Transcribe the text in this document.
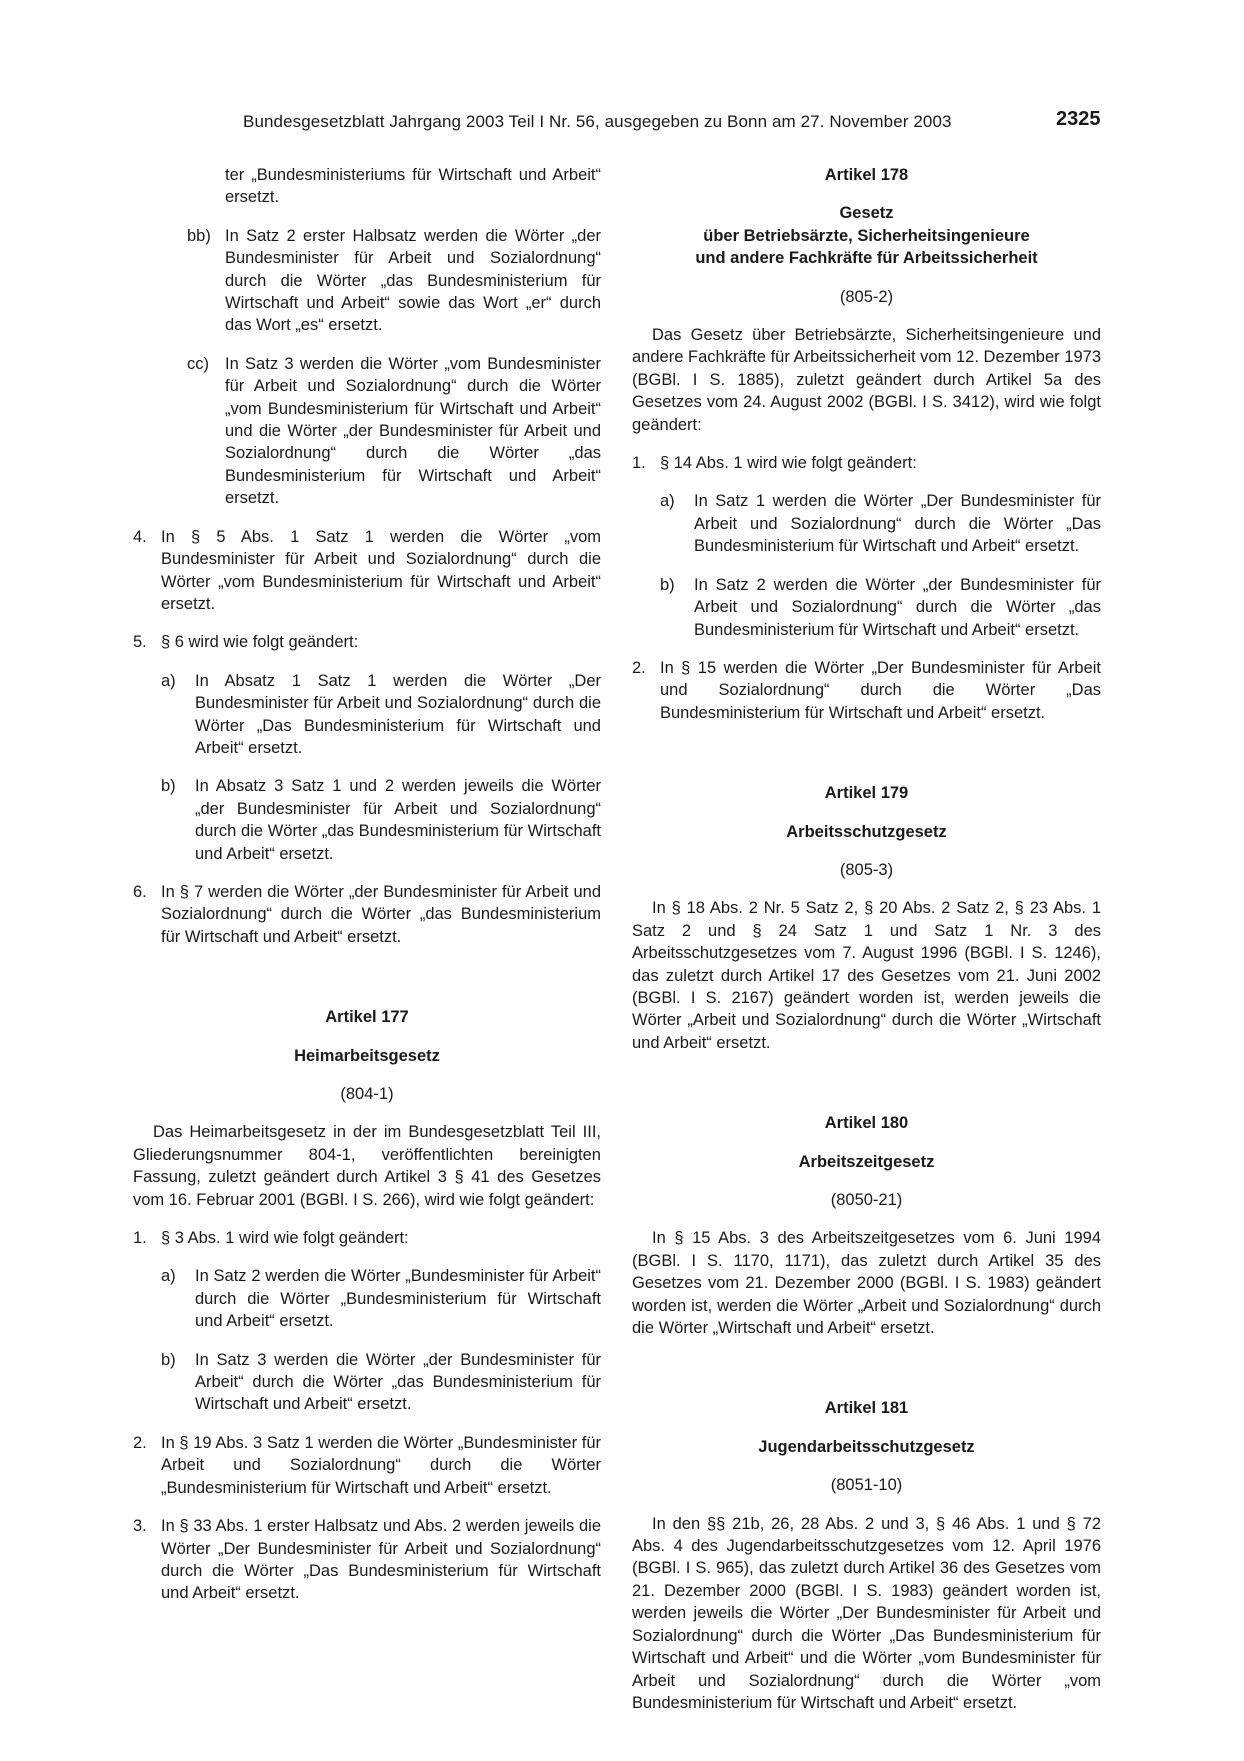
Bundesgesetzblatt Jahrgang 2003 Teil I Nr. 56, ausgegeben zu Bonn am 27. November 2003	2325

ter „Bundesministeriums für Wirtschaft und Arbeit“ ersetzt.

bb) In Satz 2 erster Halbsatz werden die Wörter „der Bundesminister für Arbeit und Sozialordnung“ durch die Wörter „das Bundesministerium für Wirtschaft und Arbeit“ sowie das Wort „er“ durch das Wort „es“ ersetzt.

cc) In Satz 3 werden die Wörter „vom Bundesminister für Arbeit und Sozialordnung“ durch die Wörter „vom Bundesministerium für Wirtschaft und Arbeit“ und die Wörter „der Bundesminister für Arbeit und Sozialordnung“ durch die Wörter „das Bundesministerium für Wirtschaft und Arbeit“ ersetzt.

4. In § 5 Abs. 1 Satz 1 werden die Wörter „vom Bundesminister für Arbeit und Sozialordnung“ durch die Wörter „vom Bundesministerium für Wirtschaft und Arbeit“ ersetzt.

5. § 6 wird wie folgt geändert:

a) In Absatz 1 Satz 1 werden die Wörter „Der Bundesminister für Arbeit und Sozialordnung“ durch die Wörter „Das Bundesministerium für Wirtschaft und Arbeit“ ersetzt.

b) In Absatz 3 Satz 1 und 2 werden jeweils die Wörter „der Bundesminister für Arbeit und Sozialordnung“ durch die Wörter „das Bundesministerium für Wirtschaft und Arbeit“ ersetzt.

6. In § 7 werden die Wörter „der Bundesminister für Arbeit und Sozialordnung“ durch die Wörter „das Bundesministerium für Wirtschaft und Arbeit“ ersetzt.

Artikel 177

Heimarbeitsgesetz

(804-1)

Das Heimarbeitsgesetz in der im Bundesgesetzblatt Teil III, Gliederungsnummer 804-1, veröffentlichten bereinigten Fassung, zuletzt geändert durch Artikel 3 § 41 des Gesetzes vom 16. Februar 2001 (BGBl. I S. 266), wird wie folgt geändert:

1. § 3 Abs. 1 wird wie folgt geändert:

a) In Satz 2 werden die Wörter „Bundesminister für Arbeit“ durch die Wörter „Bundesministerium für Wirtschaft und Arbeit“ ersetzt.

b) In Satz 3 werden die Wörter „der Bundesminister für Arbeit“ durch die Wörter „das Bundesministerium für Wirtschaft und Arbeit“ ersetzt.

2. In § 19 Abs. 3 Satz 1 werden die Wörter „Bundesminister für Arbeit und Sozialordnung“ durch die Wörter „Bundesministerium für Wirtschaft und Arbeit“ ersetzt.

3. In § 33 Abs. 1 erster Halbsatz und Abs. 2 werden jeweils die Wörter „Der Bundesminister für Arbeit und Sozialordnung“ durch die Wörter „Das Bundesministerium für Wirtschaft und Arbeit“ ersetzt.

Artikel 178

Gesetz

über Betriebsärzte, Sicherheitsingenieure

und andere Fachkräfte für Arbeitssicherheit

(805-2)

Das Gesetz über Betriebsärzte, Sicherheitsingenieure und andere Fachkräfte für Arbeitssicherheit vom 12. Dezember 1973 (BGBl. I S. 1885), zuletzt geändert durch Artikel 5a des Gesetzes vom 24. August 2002 (BGBl. I S. 3412), wird wie folgt geändert:

1. § 14 Abs. 1 wird wie folgt geändert:

a) In Satz 1 werden die Wörter „Der Bundesminister für Arbeit und Sozialordnung“ durch die Wörter „Das Bundesministerium für Wirtschaft und Arbeit“ ersetzt.

b) In Satz 2 werden die Wörter „der Bundesminister für Arbeit und Sozialordnung“ durch die Wörter „das Bundesministerium für Wirtschaft und Arbeit“ ersetzt.

2. In § 15 werden die Wörter „Der Bundesminister für Arbeit und Sozialordnung“ durch die Wörter „Das Bundesministerium für Wirtschaft und Arbeit“ ersetzt.

Artikel 179

Arbeitsschutzgesetz

(805-3)

In § 18 Abs. 2 Nr. 5 Satz 2, § 20 Abs. 2 Satz 2, § 23 Abs. 1 Satz 2 und § 24 Satz 1 und Satz 1 Nr. 3 des Arbeitsschutzgesetzes vom 7. August 1996 (BGBl. I S. 1246), das zuletzt durch Artikel 17 des Gesetzes vom 21. Juni 2002 (BGBl. I S. 2167) geändert worden ist, werden jeweils die Wörter „Arbeit und Sozialordnung“ durch die Wörter „Wirtschaft und Arbeit“ ersetzt.

Artikel 180

Arbeitszeitgesetz

(8050-21)

In § 15 Abs. 3 des Arbeitszeitgesetzes vom 6. Juni 1994 (BGBl. I S. 1170, 1171), das zuletzt durch Artikel 35 des Gesetzes vom 21. Dezember 2000 (BGBl. I S. 1983) geändert worden ist, werden die Wörter „Arbeit und Sozialordnung“ durch die Wörter „Wirtschaft und Arbeit“ ersetzt.

Artikel 181

Jugendarbeitsschutzgesetz

(8051-10)

In den §§ 21b, 26, 28 Abs. 2 und 3, § 46 Abs. 1 und § 72 Abs. 4 des Jugendarbeitsschutzgesetzes vom 12. April 1976 (BGBl. I S. 965), das zuletzt durch Artikel 36 des Gesetzes vom 21. Dezember 2000 (BGBl. I S. 1983) geändert worden ist, werden jeweils die Wörter „Der Bundesminister für Arbeit und Sozialordnung“ durch die Wörter „Das Bundesministerium für Wirtschaft und Arbeit“ und die Wörter „vom Bundesminister für Arbeit und Sozialordnung“ durch die Wörter „vom Bundesministerium für Wirtschaft und Arbeit“ ersetzt.
